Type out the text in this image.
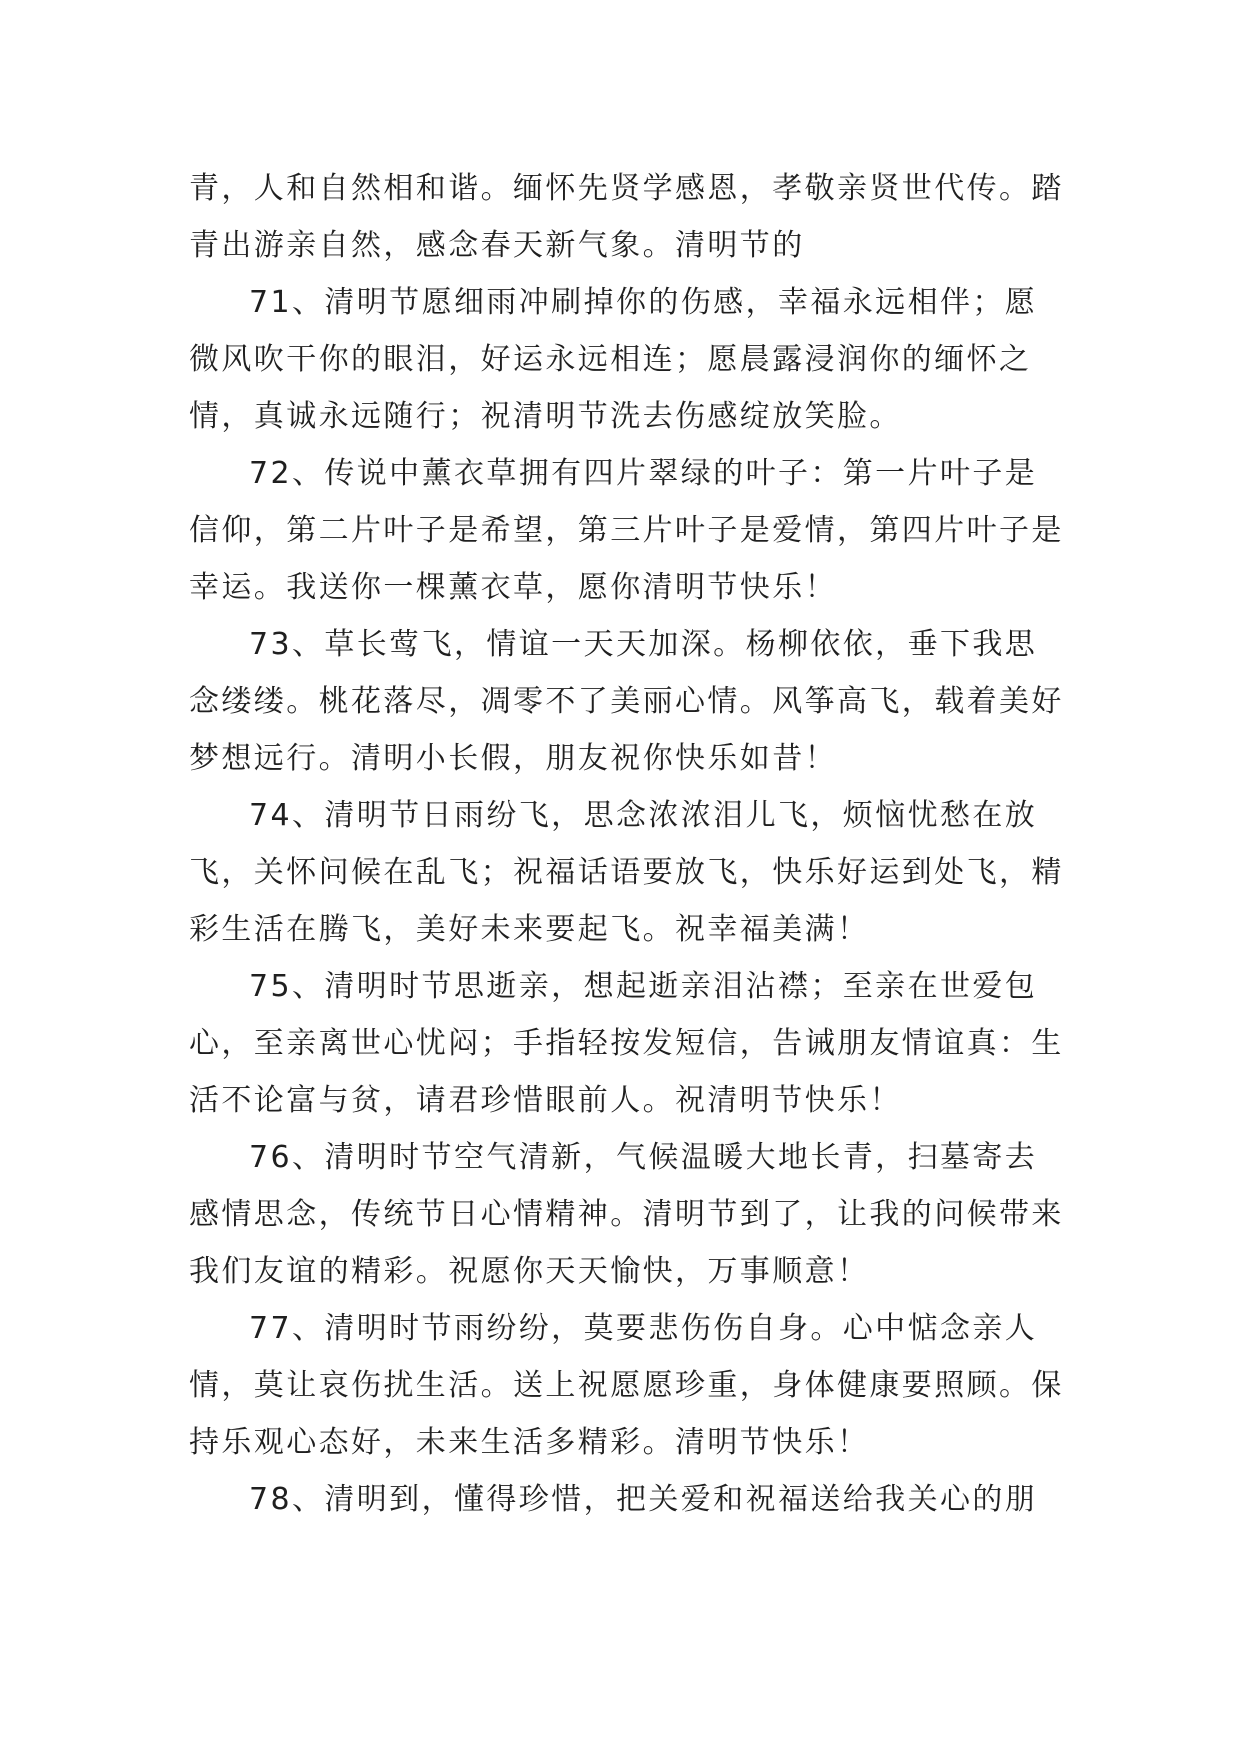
青，人和自然相和谐。缅怀先贤学感恩，孝敬亲贤世代传。踏青出游亲自然，感念春天新气象。清明节的

71、清明节愿细雨冲刷掉你的伤感，幸福永远相伴；愿微风吹干你的眼泪，好运永远相连；愿晨露浸润你的缅怀之情，真诚永远随行；祝清明节洗去伤感绽放笑脸。

72、传说中薰衣草拥有四片翠绿的叶子：第一片叶子是信仰，第二片叶子是希望，第三片叶子是爱情，第四片叶子是幸运。我送你一棵薰衣草，愿你清明节快乐！

73、草长莺飞，情谊一天天加深。杨柳依依，垂下我思念缕缕。桃花落尽，凋零不了美丽心情。风筝高飞，载着美好梦想远行。清明小长假，朋友祝你快乐如昔！

74、清明节日雨纷飞，思念浓浓泪儿飞，烦恼忧愁在放飞，关怀问候在乱飞；祝福话语要放飞，快乐好运到处飞，精彩生活在腾飞，美好未来要起飞。祝幸福美满！

75、清明时节思逝亲，想起逝亲泪沾襟；至亲在世爱包心，至亲离世心忧闷；手指轻按发短信，告诫朋友情谊真：生活不论富与贫，请君珍惜眼前人。祝清明节快乐！

76、清明时节空气清新，气候温暖大地长青，扫墓寄去感情思念，传统节日心情精神。清明节到了，让我的问候带来我们友谊的精彩。祝愿你天天愉快，万事顺意！

77、清明时节雨纷纷，莫要悲伤伤自身。心中惦念亲人情，莫让哀伤扰生活。送上祝愿愿珍重，身体健康要照顾。保持乐观心态好，未来生活多精彩。清明节快乐！

78、清明到，懂得珍惜，把关爱和祝福送给我关心的朋
